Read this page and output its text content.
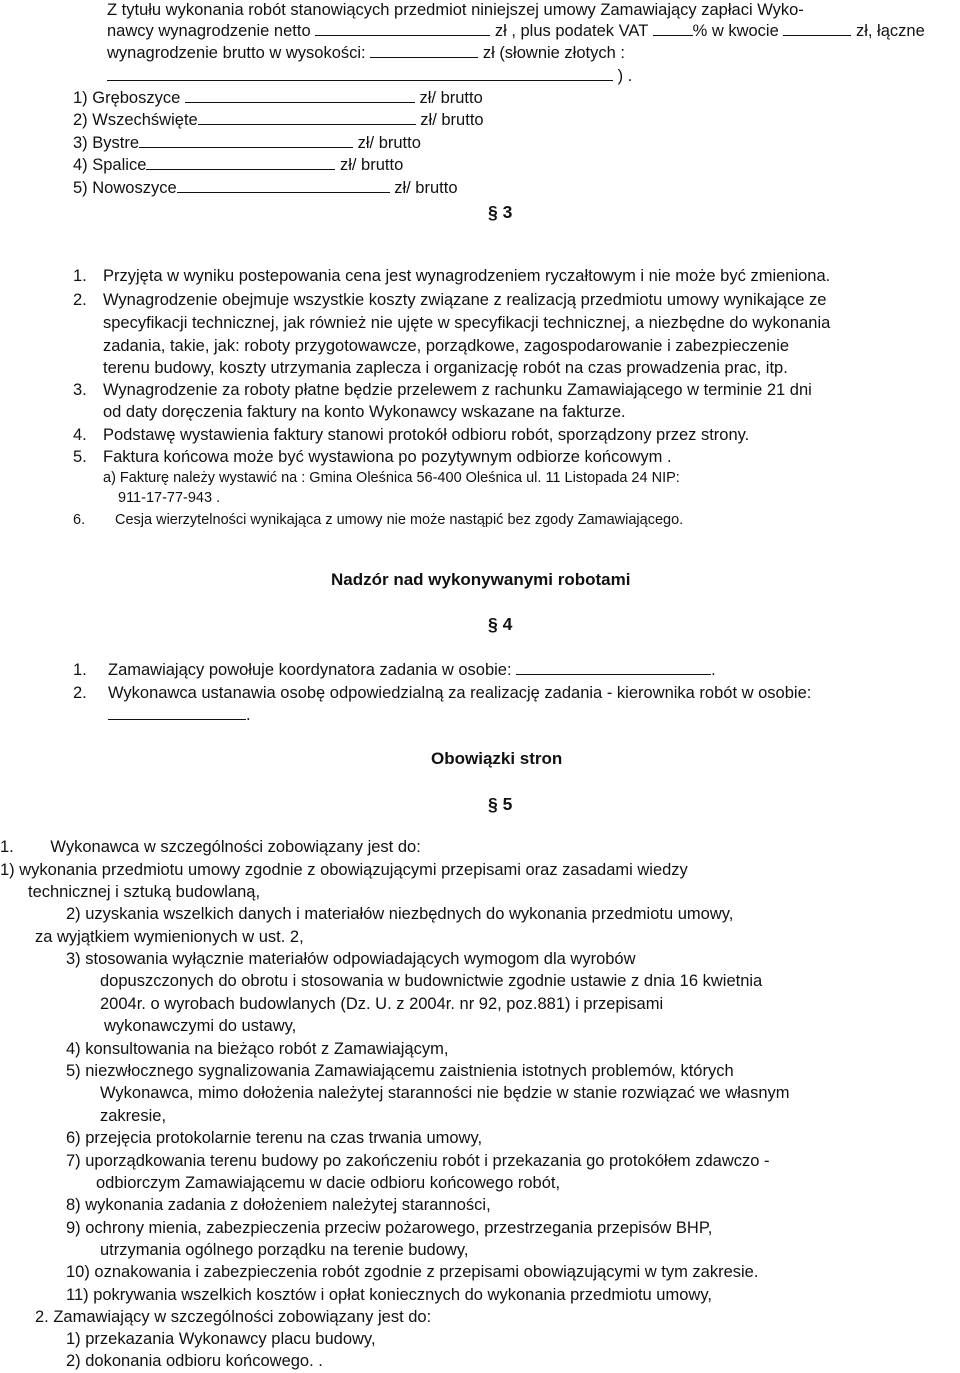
Z tytułu wykonania robót stanowiących przedmiot niniejszej umowy Zamawiający zapłaci Wyko-
nawcy wynagrodzenie netto	zł , plus podatek VAT	% w kwocie	zł, łączne
wynagrodzenie brutto w wysokości:	zł (słownie złotych :
) .
1) Gręboszyce	zł/ brutto
2) Wszechświęte	zł/ brutto
3) Bystre	zł/ brutto
4) Spalice	zł/ brutto
5) Nowoszyce	zł/ brutto
§ 3
1. Przyjęta w wyniku postepowania cena jest wynagrodzeniem ryczałtowym i nie może być zmieniona.
2. Wynagrodzenie obejmuje wszystkie koszty związane z realizacją przedmiotu umowy wynikające ze
specyfikacji technicznej, jak również nie ujęte w specyfikacji technicznej, a niezbędne do wykonania
zadania, takie, jak: roboty przygotowawcze, porządkowe, zagospodarowanie i zabezpieczenie
terenu budowy, koszty utrzymania zaplecza i organizację robót na czas prowadzenia prac, itp.
3. Wynagrodzenie za roboty płatne będzie przelewem z rachunku Zamawiającego w terminie 21 dni
od daty doręczenia faktury na konto Wykonawcy wskazane na fakturze.
4. Podstawę wystawienia faktury stanowi protokół odbioru robót, sporządzony przez strony.
5. Faktura końcowa może być wystawiona po pozytywnym odbiorze końcowym .
a) Fakturę należy wystawić na : Gmina Oleśnica 56-400 Oleśnica ul. 11 Listopada 24 NIP:
911-17-77-943 .
6. Cesja wierzytelności wynikająca z umowy nie może nastąpić bez zgody Zamawiającego.
Nadzór nad wykonywanymi robotami
§ 4
1. Zamawiający powołuje koordynatora zadania w osobie:	.
2. Wykonawca ustanawia osobę odpowiedzialną za realizację zadania - kierownika robót w osobie:
.
Obowiązki stron
§ 5
1.        Wykonawca w szczególności zobowiązany jest do:
1) wykonania przedmiotu umowy zgodnie z obowiązującymi przepisami oraz zasadami wiedzy
technicznej i sztuką budowlaną,
2) uzyskania wszelkich danych i materiałów niezbędnych do wykonania przedmiotu umowy,
za wyjątkiem wymienionych w ust. 2,
3) stosowania wyłącznie materiałów odpowiadających wymogom dla wyrobów
dopuszczonych do obrotu i stosowania w budownictwie zgodnie ustawie z dnia 16 kwietnia
2004r. o wyrobach budowlanych (Dz. U. z 2004r. nr 92, poz.881) i przepisami
wykonawczymi do ustawy,
4) konsultowania na bieżąco robót z Zamawiającym,
5) niezwłocznego sygnalizowania Zamawiającemu zaistnienia istotnych problemów, których
Wykonawca, mimo dołożenia należytej staranności nie będzie w stanie rozwiązać we własnym
zakresie,
6) przejęcia protokolarnie terenu na czas trwania umowy,
7) uporządkowania terenu budowy po zakończeniu robót i przekazania go protokółem zdawczo -
odbiorczym Zamawiającemu w dacie odbioru końcowego robót,
8) wykonania zadania z dołożeniem należytej staranności,
9) ochrony mienia, zabezpieczenia przeciw pożarowego, przestrzegania przepisów BHP,
utrzymania ogólnego porządku na terenie budowy,
10) oznakowania i zabezpieczenia robót zgodnie z przepisami obowiązującymi w tym zakresie.
11) pokrywania wszelkich kosztów i opłat koniecznych do wykonania przedmiotu umowy,
2. Zamawiający w szczególności zobowiązany jest do:
1) przekazania Wykonawcy placu budowy,
2) dokonania odbioru końcowego. .
